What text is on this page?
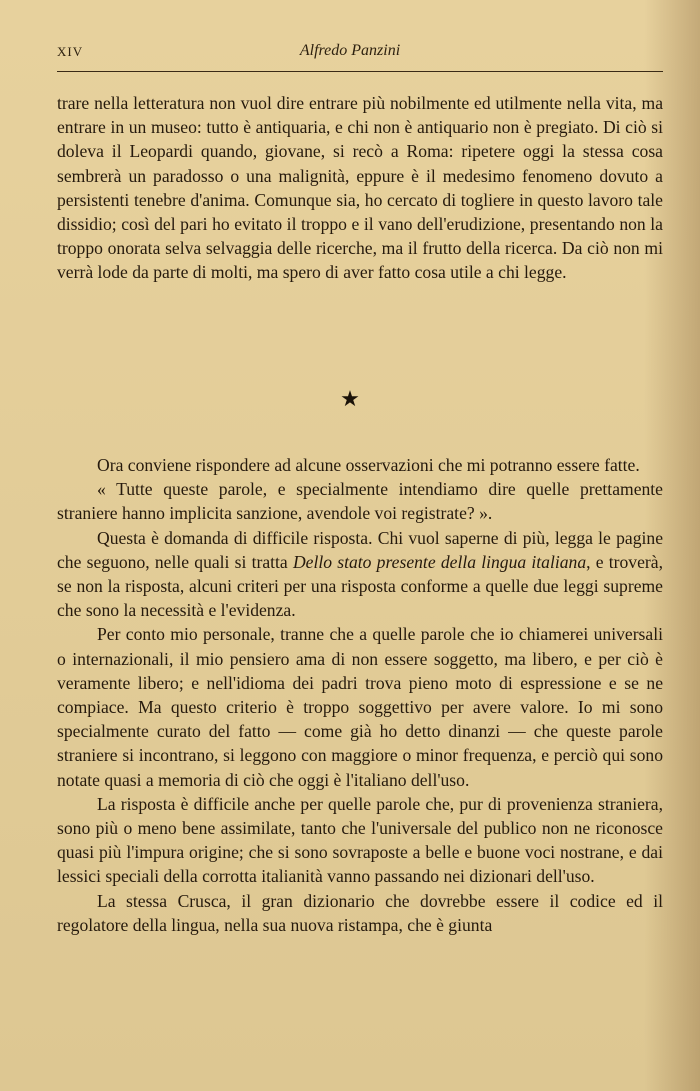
XIV	Alfredo Panzini

trare nella letteratura non vuol dire entrare più nobilmente ed utilmente nella vita, ma entrare in un museo: tutto è antiquaria, e chi non è antiquario non è pregiato. Di ciò si doleva il Leopardi quando, giovane, si recò a Roma: ripetere oggi la stessa cosa sembrerà un paradosso o una malignità, eppure è il medesimo fenomeno dovuto a persistenti tenebre d'anima. Comunque sia, ho cercato di togliere in questo lavoro tale dissidio; così del pari ho evitato il troppo e il vano dell'erudizione, presentando non la troppo onorata selva selvaggia delle ricerche, ma il frutto della ricerca. Da ciò non mi verrà lode da parte di molti, ma spero di aver fatto cosa utile a chi legge.

★

Ora conviene rispondere ad alcune osservazioni che mi potranno essere fatte.

« Tutte queste parole, e specialmente intendiamo dire quelle prettamente straniere hanno implicita sanzione, avendole voi registrate? ».

Questa è domanda di difficile risposta. Chi vuol saperne di più, legga le pagine che seguono, nelle quali si tratta Dello stato presente della lingua italiana, e troverà, se non la risposta, alcuni criteri per una risposta conforme a quelle due leggi supreme che sono la necessità e l'evidenza.

Per conto mio personale, tranne che a quelle parole che io chiamerei universali o internazionali, il mio pensiero ama di non essere soggetto, ma libero, e per ciò è veramente libero; e nell'idioma dei padri trova pieno moto di espressione e se ne compiace. Ma questo criterio è troppo soggettivo per avere valore. Io mi sono specialmente curato del fatto — come già ho detto dinanzi — che queste parole straniere si incontrano, si leggono con maggiore o minor frequenza, e perciò qui sono notate quasi a memoria di ciò che oggi è l'italiano dell'uso.

La risposta è difficile anche per quelle parole che, pur di provenienza straniera, sono più o meno bene assimilate, tanto che l'universale del publico non ne riconosce quasi più l'impura origine; che si sono sovraposte a belle e buone voci nostrane, e dai lessici speciali della corrotta italianità vanno passando nei dizionari dell'uso.

La stessa Crusca, il gran dizionario che dovrebbe essere il codice ed il regolatore della lingua, nella sua nuova ristampa, che è giunta
